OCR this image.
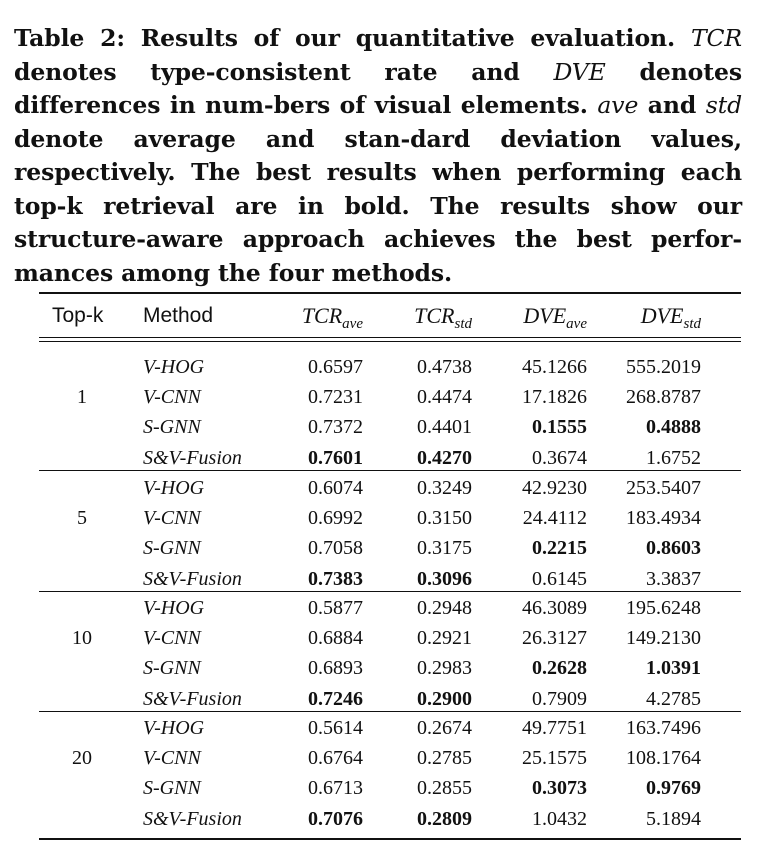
Table 2: Results of our quantitative evaluation. TCR denotes type-consistent rate and DVE denotes differences in num-bers of visual elements. ave and std denote average and stan-dard deviation values, respectively. The best results when performing each top-k retrieval are in bold. The results show our structure-aware approach achieves the best perfor-mances among the four methods.
Top-k Method	$TCR_{ave}$ $TCR_{std}$ $DVE_{ave}$ $DVE_{std}$
1
V-HOG	0.6597	0.4738	45.1266 555.2019
V-CNN	0.7231	0.4474	17.1826 268.8787
S-GNN	0.7372	0.4401	0.1555	0.4888
S&V-Fusion	0.7601	0.4270	0.3674	1.6752
5
V-HOG	0.6074	0.3249	42.9230 253.5407
V-CNN	0.6992	0.3150	24.4112 183.4934
S-GNN	0.7058	0.3175	0.2215	0.8603
S&V-Fusion	0.7383	0.3096	0.6145	3.3837
10
V-HOG	0.5877	0.2948	46.3089 195.6248
V-CNN	0.6884	0.2921	26.3127 149.2130
S-GNN	0.6893	0.2983	0.2628	1.0391
S&V-Fusion	0.7246	0.2900	0.7909	4.2785
20
V-HOG	0.5614	0.2674	49.7751 163.7496
V-CNN	0.6764	0.2785	25.1575 108.1764
S-GNN	0.6713	0.2855	0.3073	0.9769
S&V-Fusion	0.7076	0.2809	1.0432	5.1894
